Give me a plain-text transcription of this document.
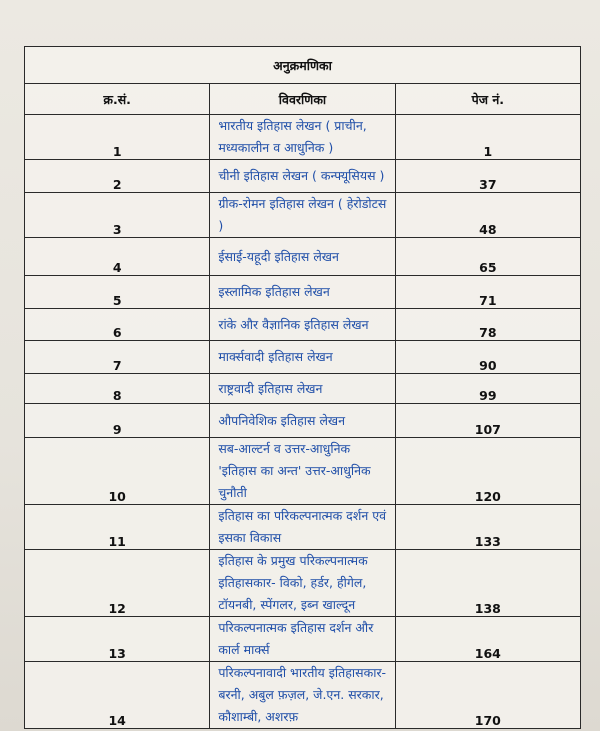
अनुक्रमणिका		
क्र.सं.	विवरणिका	पेज नं.
1	भारतीय इतिहास लेखन ( प्राचीन, मध्यकालीन व आधुनिक )	1
2	चीनी इतिहास लेखन ( कन्फ्यूसियस )	37
3	ग्रीक-रोमन इतिहास लेखन ( हेरोडोटस )	48
4	ईसाई-यहूदी इतिहास लेखन	65
5	इस्लामिक इतिहास लेखन	71
6	रांके और वैज्ञानिक इतिहास लेखन	78
7	मार्क्सवादी इतिहास लेखन	90
8	राष्ट्रवादी इतिहास लेखन	99
9	औपनिवेशिक इतिहास लेखन	107
10	सब-आल्टर्न व उत्तर-आधुनिक 'इतिहास का अन्त' उत्तर-आधुनिक चुनौती	120
11	इतिहास का परिकल्पनात्मक दर्शन एवं इसका विकास	133
12	इतिहास के प्रमुख परिकल्पनात्मक इतिहासकार- विको, हर्डर, हीगेल, टॉयनबी, स्पेंगलर, इब्न खाल्दून	138
13	परिकल्पनात्मक इतिहास दर्शन और कार्ल मार्क्स	164
14	परिकल्पनावादी भारतीय इतिहासकार- बरनी, अबुल फ़ज़ल, जे.एन. सरकार, कौशाम्बी, अशरफ़	170
